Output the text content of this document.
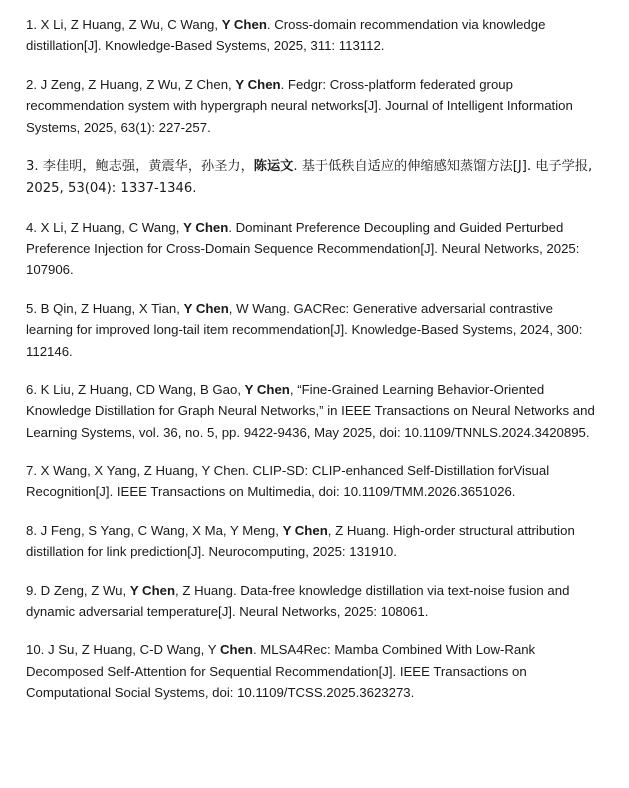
1. X Li, Z Huang, Z Wu, C Wang, Y Chen. Cross-domain recommendation via knowledge distillation[J]. Knowledge-Based Systems, 2025, 311: 113112.

2. J Zeng, Z Huang, Z Wu, Z Chen, Y Chen. Fedgr: Cross-platform federated group recommendation system with hypergraph neural networks[J]. Journal of Intelligent Information Systems, 2025, 63(1): 227-257.

3. 李佳明，鲍志强，黄震华，孙圣力，陈运文. 基于低秩自适应的伸缩感知蒸馏方法[J]. 电子学报, 2025, 53(04): 1337-1346.

4. X Li, Z Huang, C Wang, Y Chen. Dominant Preference Decoupling and Guided Perturbed Preference Injection for Cross-Domain Sequence Recommendation[J]. Neural Networks, 2025: 107906.

5. B Qin, Z Huang, X Tian, Y Chen, W Wang. GACRec: Generative adversarial contrastive learning for improved long-tail item recommendation[J]. Knowledge-Based Systems, 2024, 300: 112146.

6. K Liu, Z Huang, CD Wang, B Gao, Y Chen, “Fine-Grained Learning Behavior-Oriented Knowledge Distillation for Graph Neural Networks,” in IEEE Transactions on Neural Networks and Learning Systems, vol. 36, no. 5, pp. 9422-9436, May 2025, doi: 10.1109/TNNLS.2024.3420895.

7. X Wang, X Yang, Z Huang, Y Chen. CLIP-SD: CLIP-enhanced Self-Distillation forVisual Recognition[J]. IEEE Transactions on Multimedia, doi: 10.1109/TMM.2026.3651026.

8. J Feng, S Yang, C Wang, X Ma, Y Meng, Y Chen, Z Huang. High-order structural attribution distillation for link prediction[J]. Neurocomputing, 2025: 131910.

9. D Zeng, Z Wu, Y Chen, Z Huang. Data-free knowledge distillation via text-noise fusion and dynamic adversarial temperature[J]. Neural Networks, 2025: 108061.

10. J Su, Z Huang, C-D Wang, Y Chen. MLSA4Rec: Mamba Combined With Low-Rank Decomposed Self-Attention for Sequential Recommendation[J]. IEEE Transactions on Computational Social Systems, doi: 10.1109/TCSS.2025.3623273.
